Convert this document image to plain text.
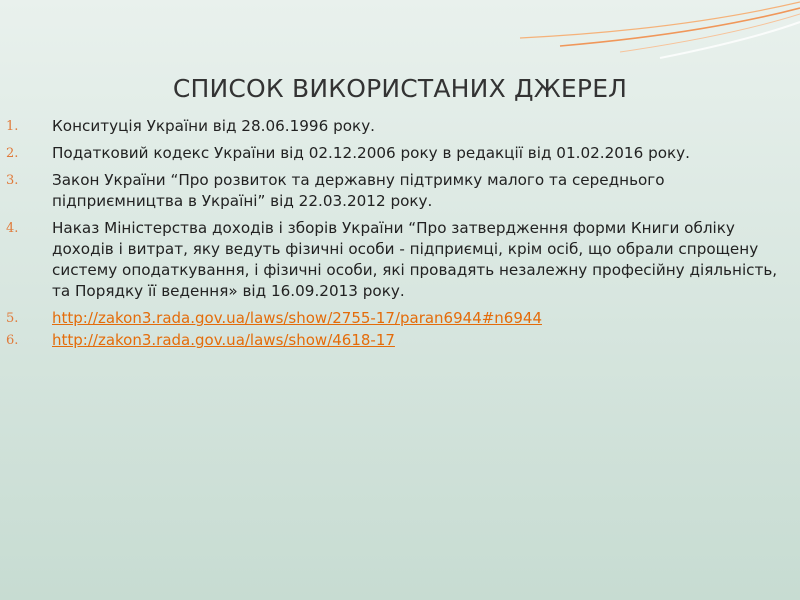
СПИСОК ВИКОРИСТАНИХ ДЖЕРЕЛ
1.	Конситуція України від 28.06.1996 року.
2.	Податковий кодекс України від 02.12.2006 року в редакції від 01.02.2016 року.
3.	Закон України “Про розвиток та державну підтримку малого та середнього підприємництва в Україні” від 22.03.2012 року.
4.	Наказ Міністерства доходів і зборів України “Про затвердження форми Книги обліку доходів і витрат, яку ведуть фізичні особи - підприємці, крім осіб, що обрали спрощену систему оподаткування, і фізичні особи, які провадять незалежну професійну діяльність, та Порядку її ведення» від 16.09.2013 року.
5.	http://zakon3.rada.gov.ua/laws/show/2755-17/paran6944#n6944
6.	http://zakon3.rada.gov.ua/laws/show/4618-17
